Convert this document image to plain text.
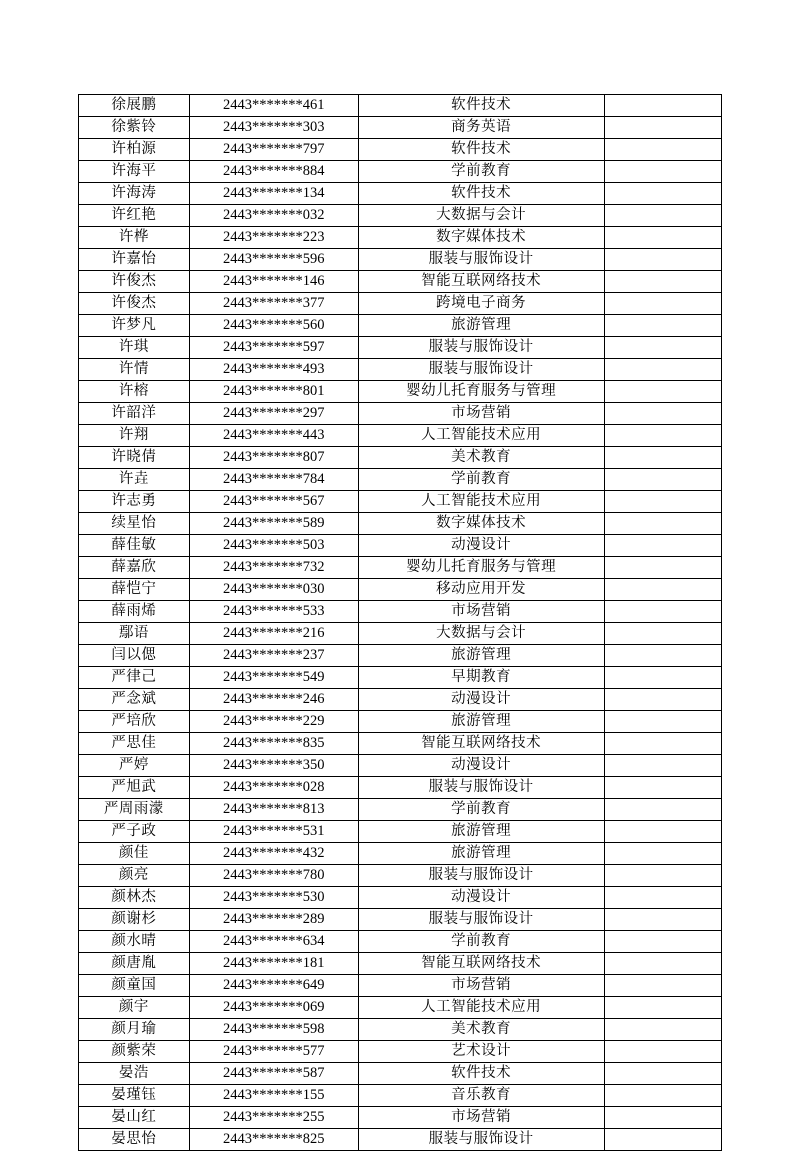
徐展鹏	2443*******461	软件技术	
徐紫铃	2443*******303	商务英语	
许柏源	2443*******797	软件技术	
许海平	2443*******884	学前教育	
许海涛	2443*******134	软件技术	
许红艳	2443*******032	大数据与会计	
许桦	2443*******223	数字媒体技术	
许嘉怡	2443*******596	服装与服饰设计	
许俊杰	2443*******146	智能互联网络技术	
许俊杰	2443*******377	跨境电子商务	
许梦凡	2443*******560	旅游管理	
许琪	2443*******597	服装与服饰设计	
许情	2443*******493	服装与服饰设计	
许榕	2443*******801	婴幼儿托育服务与管理	
许韶洋	2443*******297	市场营销	
许翔	2443*******443	人工智能技术应用	
许晓倩	2443*******807	美术教育	
许垚	2443*******784	学前教育	
许志勇	2443*******567	人工智能技术应用	
续星怡	2443*******589	数字媒体技术	
薛佳敏	2443*******503	动漫设计	
薛嘉欣	2443*******732	婴幼儿托育服务与管理	
薛恺宁	2443*******030	移动应用开发	
薛雨烯	2443*******533	市场营销	
鄢语	2443*******216	大数据与会计	
闫以偲	2443*******237	旅游管理	
严律己	2443*******549	早期教育	
严念斌	2443*******246	动漫设计	
严培欣	2443*******229	旅游管理	
严思佳	2443*******835	智能互联网络技术	
严婷	2443*******350	动漫设计	
严旭武	2443*******028	服装与服饰设计	
严周雨濛	2443*******813	学前教育	
严子政	2443*******531	旅游管理	
颜佳	2443*******432	旅游管理	
颜亮	2443*******780	服装与服饰设计	
颜林杰	2443*******530	动漫设计	
颜谢杉	2443*******289	服装与服饰设计	
颜水晴	2443*******634	学前教育	
颜唐胤	2443*******181	智能互联网络技术	
颜童国	2443*******649	市场营销	
颜宇	2443*******069	人工智能技术应用	
颜月瑜	2443*******598	美术教育	
颜紫荣	2443*******577	艺术设计	
晏浩	2443*******587	软件技术	
晏瑾钰	2443*******155	音乐教育	
晏山红	2443*******255	市场营销	
晏思怡	2443*******825	服装与服饰设计	
